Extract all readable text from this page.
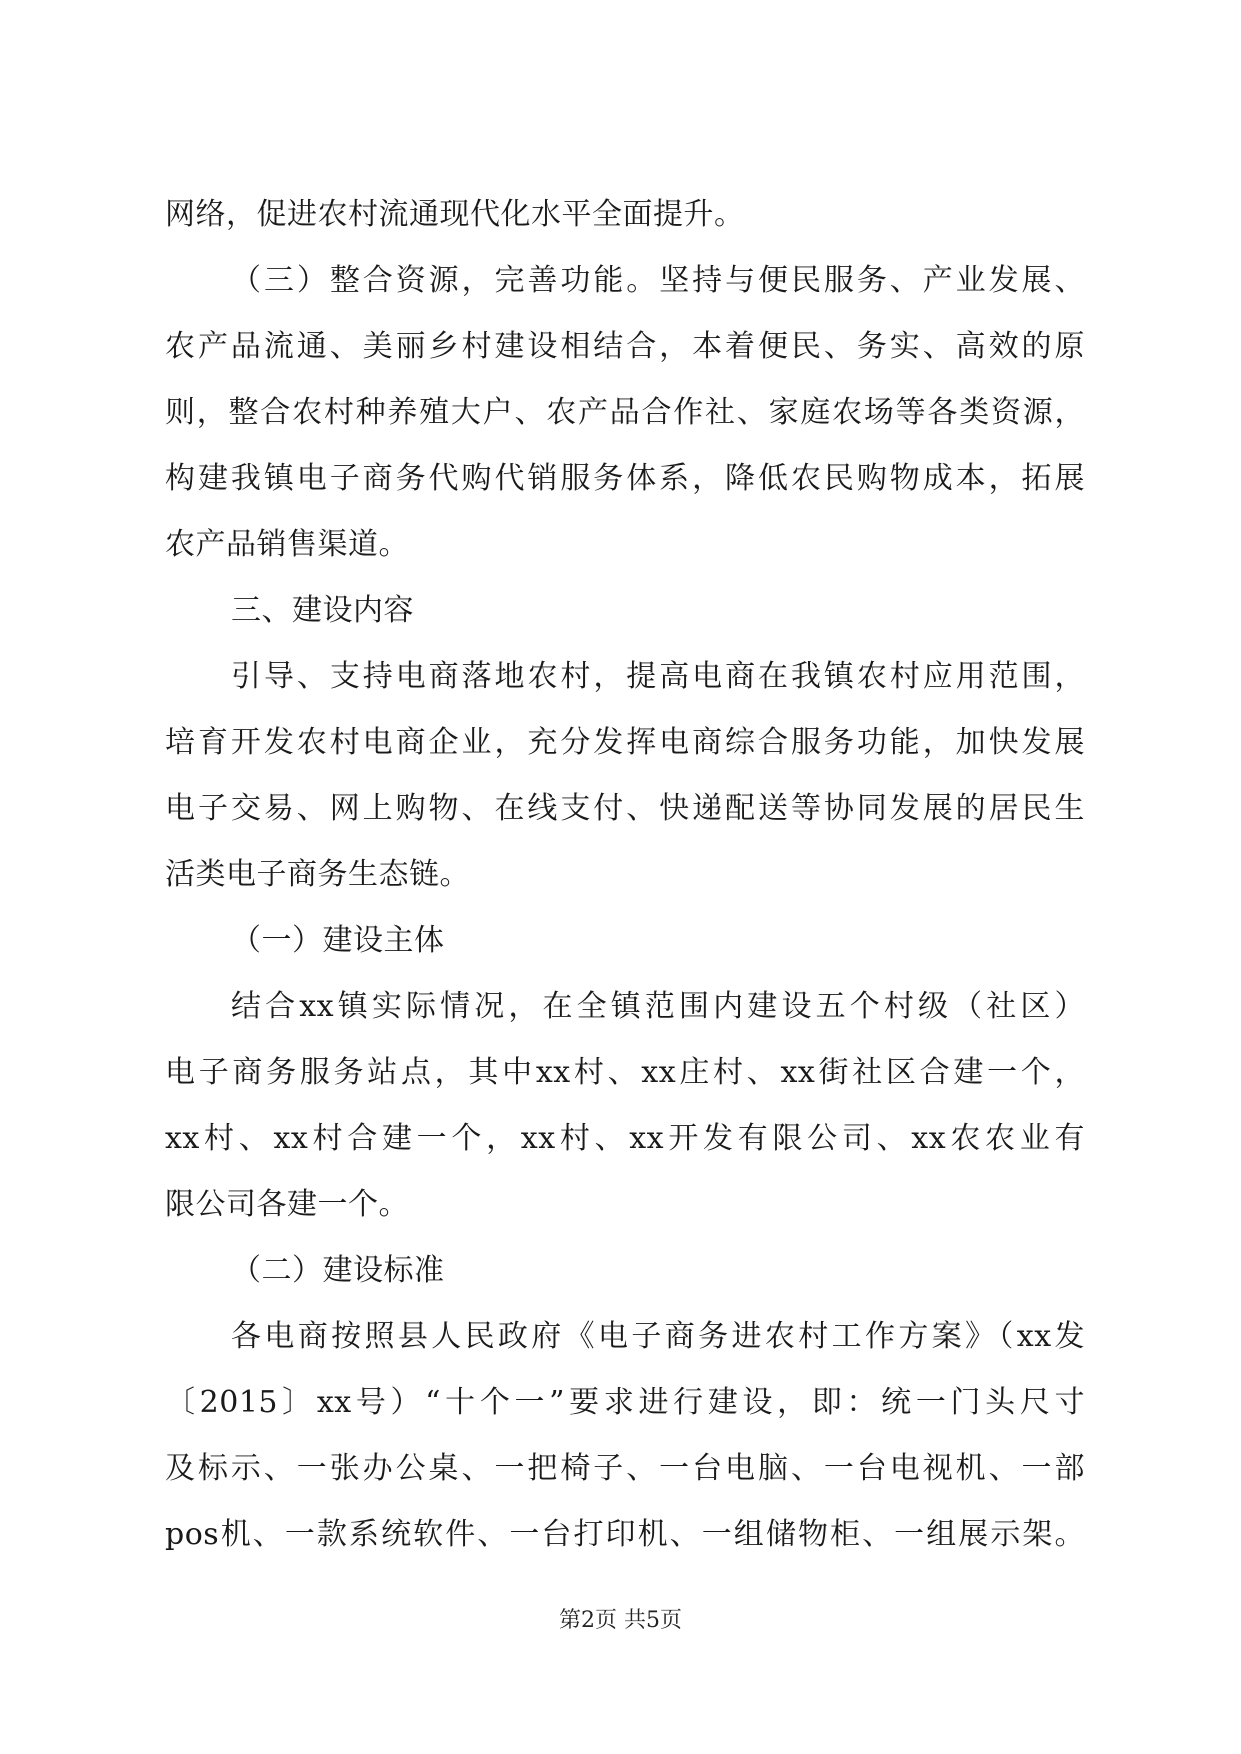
网络，促进农村流通现代化水平全面提升。
（三）整合资源，完善功能。坚持与便民服务、产业发展、
农产品流通、美丽乡村建设相结合，本着便民、务实、高效的原
则，整合农村种养殖大户、农产品合作社、家庭农场等各类资源，
构建我镇电子商务代购代销服务体系，降低农民购物成本，拓展
农产品销售渠道。
三、建设内容
引导、支持电商落地农村，提高电商在我镇农村应用范围，
培育开发农村电商企业，充分发挥电商综合服务功能，加快发展
电子交易、网上购物、在线支付、快递配送等协同发展的居民生
活类电子商务生态链。
（一）建设主体
结合xx镇实际情况，在全镇范围内建设五个村级（社区）
电子商务服务站点，其中xx村、xx庄村、xx街社区合建一个，
xx村、xx村合建一个，xx村、xx开发有限公司、xx农农业有
限公司各建一个。
（二）建设标准
各电商按照县人民政府《电子商务进农村工作方案》（xx发
〔2015〕xx号）“十个一”要求进行建设，即：统一门头尺寸
及标示、一张办公桌、一把椅子、一台电脑、一台电视机、一部
pos机、一款系统软件、一台打印机、一组储物柜、一组展示架。
第2页 共5页
